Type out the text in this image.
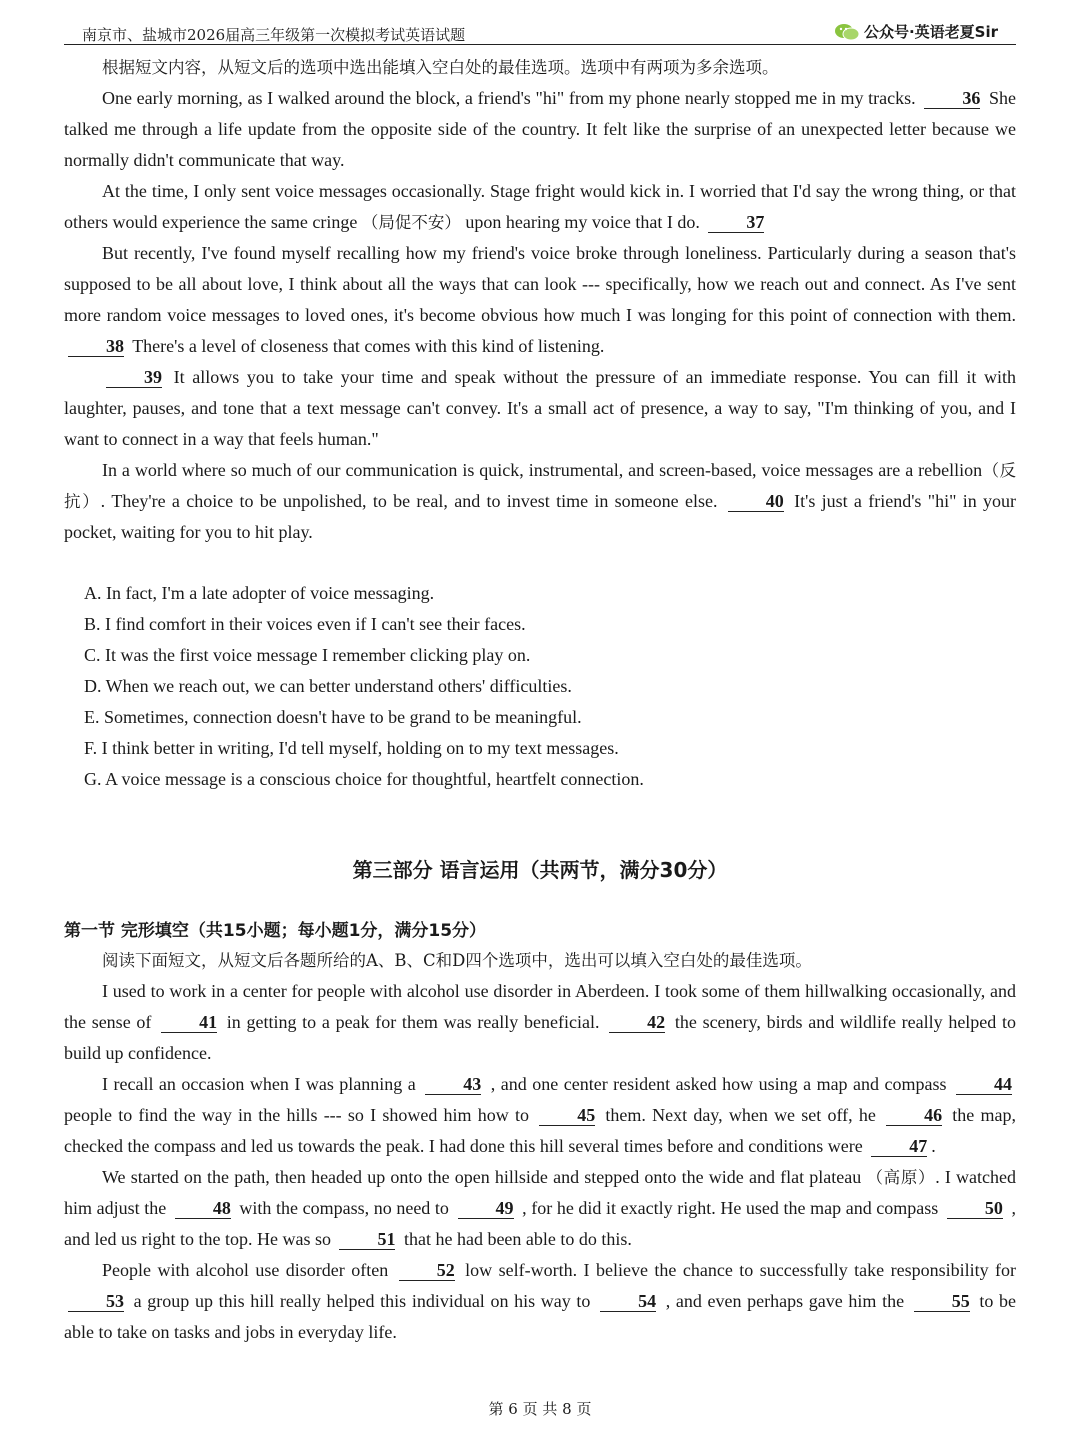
南京市、盐城市2026届高三年级第一次模拟考试英语试题	公众号·英语老夏Sir

根据短文内容，从短文后的选项中选出能填入空白处的最佳选项。选项中有两项为多余选项。

One early morning, as I walked around the block, a friend's "hi" from my phone nearly stopped me in my tracks.	36 She talked me through a life update from the opposite side of the country. It felt like the surprise of an unexpected letter because we normally didn't communicate that way.

At the time, I only sent voice messages occasionally. Stage fright would kick in. I worried that I'd say the wrong thing, or that others would experience the same cringe （局促不安） upon hearing my voice that I do.	37

But recently, I've found myself recalling how my friend's voice broke through loneliness. Particularly during a season that's supposed to be all about love, I think about all the ways that can look --- specifically, how we reach out and connect. As I've sent more random voice messages to loved ones, it's become obvious how much I was longing for this point of connection with them. 38 There's a level of closeness that comes with this kind of listening.

39 It allows you to take your time and speak without the pressure of an immediate response. You can fill it with laughter, pauses, and tone that a text message can't convey. It's a small act of presence, a way to say, "I'm thinking of you, and I want to connect in a way that feels human."

In a world where so much of our communication is quick, instrumental, and screen-based, voice messages are a rebellion（反抗）. They're a choice to be unpolished, to be real, and to invest time in someone else.	40 It's just a friend's "hi" in your pocket, waiting for you to hit play.

A. In fact, I'm a late adopter of voice messaging.

B. I find comfort in their voices even if I can't see their faces.

C. It was the first voice message I remember clicking play on.

D. When we reach out, we can better understand others' difficulties.

E. Sometimes, connection doesn't have to be grand to be meaningful.

F. I think better in writing, I'd tell myself, holding on to my text messages.

G. A voice message is a conscious choice for thoughtful, heartfelt connection.

第三部分 语言运用（共两节，满分30分）
第一节 完形填空（共15小题；每小题1分，满分15分）

阅读下面短文，从短文后各题所给的A、B、C和D四个选项中，选出可以填入空白处的最佳选项。

I used to work in a center for people with alcohol use disorder in Aberdeen. I took some of them hillwalking occasionally, and the sense of	41 in getting to a peak for them was really beneficial.	42 the scenery, birds and wildlife really helped to build up confidence.

I recall an occasion when I was planning a	43 , and one center resident asked how using a map and compass	44 people to find the way in the hills --- so I showed him how to	45 them. Next day, when we set off, he	46 the map, checked the compass and led us towards the peak. I had done this hill several times before and conditions were	47 .

We started on the path, then headed up onto the open hillside and stepped onto the wide and flat plateau （高原）. I watched him adjust the	48 with the compass, no need to	49 , for he did it exactly right. He used the map and compass	50 , and led us right to the top. He was so	51 that he had been able to do this.

People with alcohol use disorder often	52 low self-worth. I believe the chance to successfully take responsibility for 53 a group up this hill really helped this individual on his way to	54 , and even perhaps gave him the	55 to be able to take on tasks and jobs in everyday life.

第 6 页 共 8 页
